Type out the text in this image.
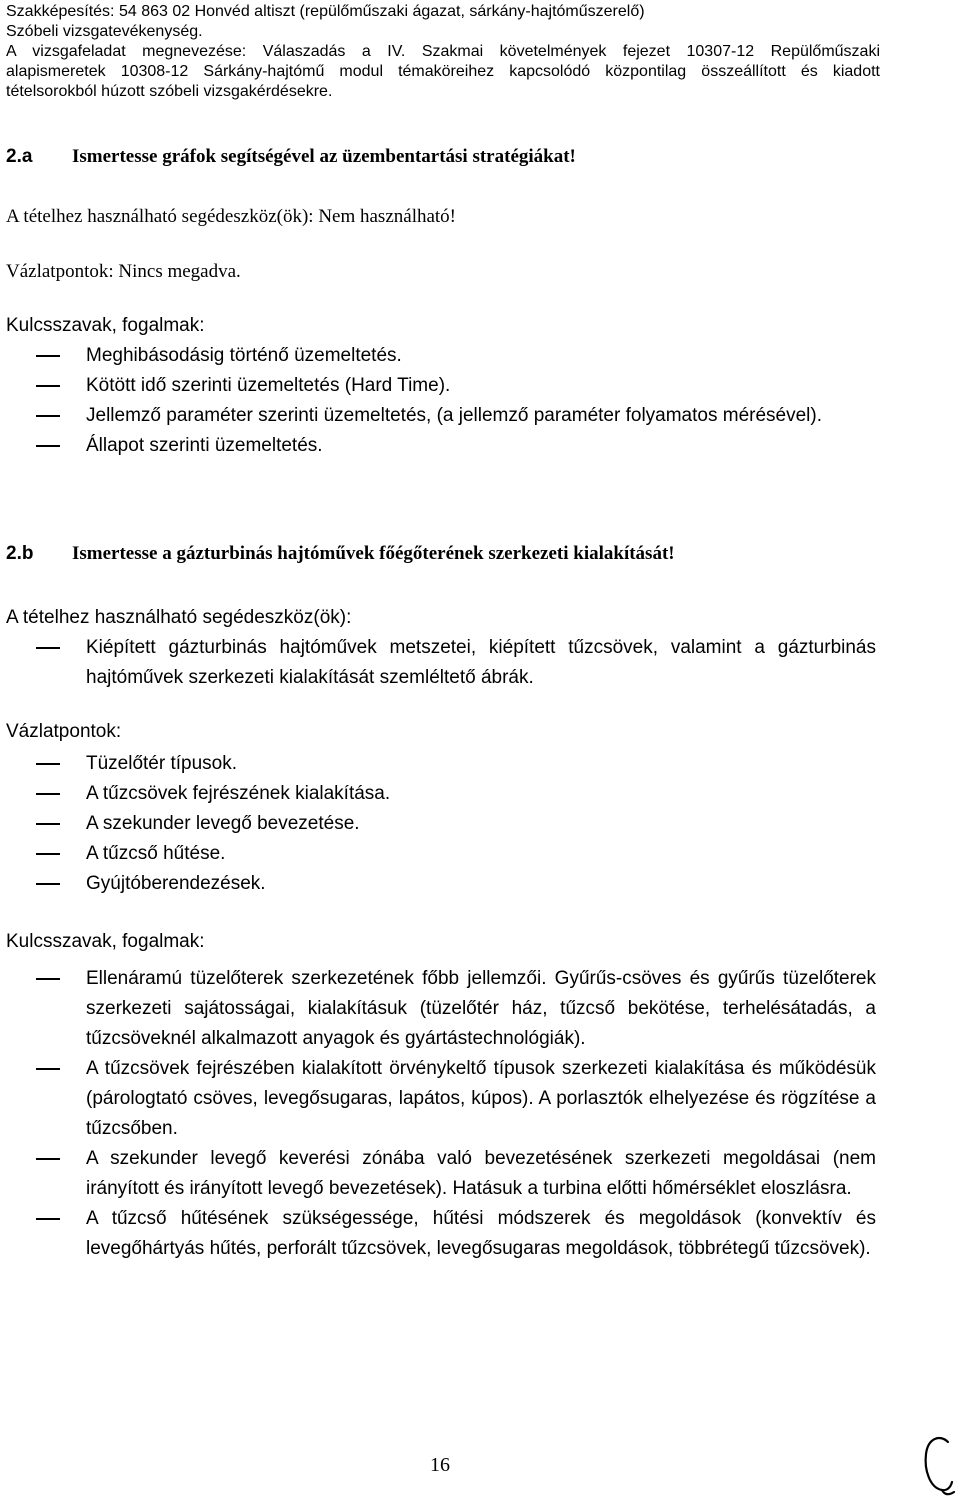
Szakképesítés: 54 863 02 Honvéd altiszt (repülőműszaki ágazat, sárkány-hajtóműszerelő)
Szóbeli vizsgatevékenység.
A vizsgafeladat megnevezése: Válaszadás a IV. Szakmai követelmények fejezet 10307-12 Repülőműszaki
alapismeretek 10308-12 Sárkány-hajtómű modul témaköreihez kapcsolódó központilag összeállított és kiadott
tételsorokból húzott szóbeli vizsgakérdésekre.
2.a Ismertesse gráfok segítségével az üzembentartási stratégiákat!
A tételhez használható segédeszköz(ök): Nem használható!
Vázlatpontok: Nincs megadva.
Kulcsszavak, fogalmak:
Meghibásodásig történő üzemeltetés.
Kötött idő szerinti üzemeltetés (Hard Time).
Jellemző paraméter szerinti üzemeltetés, (a jellemző paraméter folyamatos mérésével).
Állapot szerinti üzemeltetés.
2.b Ismertesse a gázturbinás hajtóművek főégőterének szerkezeti kialakítását!
A tételhez használható segédeszköz(ök):
Kiépített gázturbinás hajtóművek metszetei, kiépített tűzcsövek, valamint a gázturbinás hajtóművek szerkezeti kialakítását szemléltető ábrák.
Vázlatpontok:
Tüzelőtér típusok.
A tűzcsövek fejrészének kialakítása.
A szekunder levegő bevezetése.
A tűzcső hűtése.
Gyújtóberendezések.
Kulcsszavak, fogalmak:
Ellenáramú tüzelőterek szerkezetének főbb jellemzői. Gyűrűs-csöves és gyűrűs tüzelőterek szerkezeti sajátosságai, kialakításuk (tüzelőtér ház, tűzcső bekötése, terhelésátadás, a tűzcsöveknél alkalmazott anyagok és gyártástechnológiák).
A tűzcsövek fejrészében kialakított örvénykeltő típusok szerkezeti kialakítása és működésük (párologtató csöves, levegősugaras, lapátos, kúpos). A porlasztók elhelyezése és rögzítése a tűzcsőben.
A szekunder levegő keverési zónába való bevezetésének szerkezeti megoldásai (nem irányított és irányított levegő bevezetések). Hatásuk a turbina előtti hőmérséklet eloszlásra.
A tűzcső hűtésének szükségessége, hűtési módszerek és megoldások (konvektív és levegőhártyás hűtés, perforált tűzcsövek, levegősugaras megoldások, többrétegű tűzcsövek).
16
